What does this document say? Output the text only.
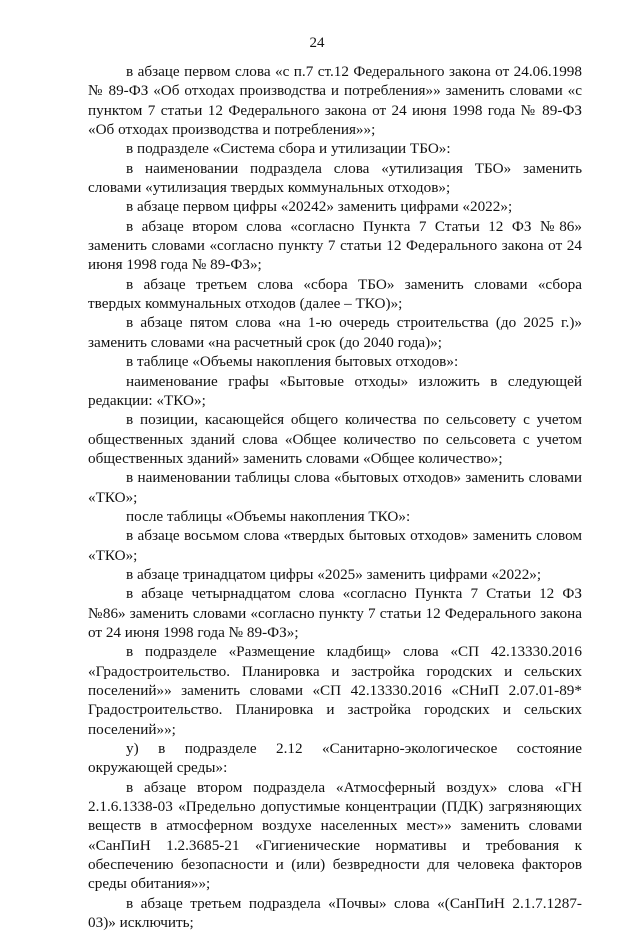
24

в абзаце первом слова «с п.7 ст.12 Федерального закона от 24.06.1998 № 89-ФЗ «Об отходах производства и потребления»» заменить словами «с пунктом 7 статьи 12 Федерального закона от 24 июня 1998 года № 89-ФЗ «Об отходах производства и потребления»»;

в подразделе «Система сбора и утилизации ТБО»:

в наименовании подраздела слова «утилизация ТБО» заменить словами «утилизация твердых коммунальных отходов»;

в абзаце первом цифры «20242» заменить цифрами «2022»;

в абзаце втором слова «согласно Пункта 7 Статьи 12 ФЗ №86» заменить словами «согласно пункту 7 статьи 12 Федерального закона от 24 июня 1998 года № 89-ФЗ»;

в абзаце третьем слова «сбора ТБО» заменить словами «сбора твердых коммунальных отходов (далее – ТКО)»;

в абзаце пятом слова «на 1-ю очередь строительства (до 2025 г.)» заменить словами «на расчетный срок (до 2040 года)»;

в таблице «Объемы накопления бытовых отходов»:

наименование графы «Бытовые отходы» изложить в следующей редакции: «ТКО»;

в позиции, касающейся общего количества по сельсовету с учетом общественных зданий слова «Общее количество по сельсовета с учетом общественных зданий» заменить словами «Общее количество»;

в наименовании таблицы слова «бытовых отходов» заменить словами «ТКО»;

после таблицы «Объемы накопления ТКО»:

в абзаце восьмом слова «твердых бытовых отходов» заменить словом «ТКО»;

в абзаце тринадцатом цифры «2025» заменить цифрами «2022»;

в абзаце четырнадцатом слова «согласно Пункта 7 Статьи 12 ФЗ №86» заменить словами «согласно пункту 7 статьи 12 Федерального закона от 24 июня 1998 года № 89-ФЗ»;

в подразделе «Размещение кладбищ» слова «СП 42.13330.2016 «Градостроительство. Планировка и застройка городских и сельских поселений»» заменить словами «СП 42.13330.2016 «СНиП 2.07.01-89* Градостроительство. Планировка и застройка городских и сельских поселений»»;

у) в подразделе 2.12 «Санитарно-экологическое состояние окружающей среды»:

в абзаце втором подраздела «Атмосферный воздух» слова «ГН 2.1.6.1338-03 «Предельно допустимые концентрации (ПДК) загрязняющих веществ в атмосферном воздухе населенных мест»» заменить словами «СанПиН 1.2.3685-21 «Гигиенические нормативы и требования к обеспечению безопасности и (или) безвредности для человека факторов среды обитания»»;

в абзаце третьем подраздела «Почвы» слова «(СанПиН 2.1.7.1287-03)» исключить;
